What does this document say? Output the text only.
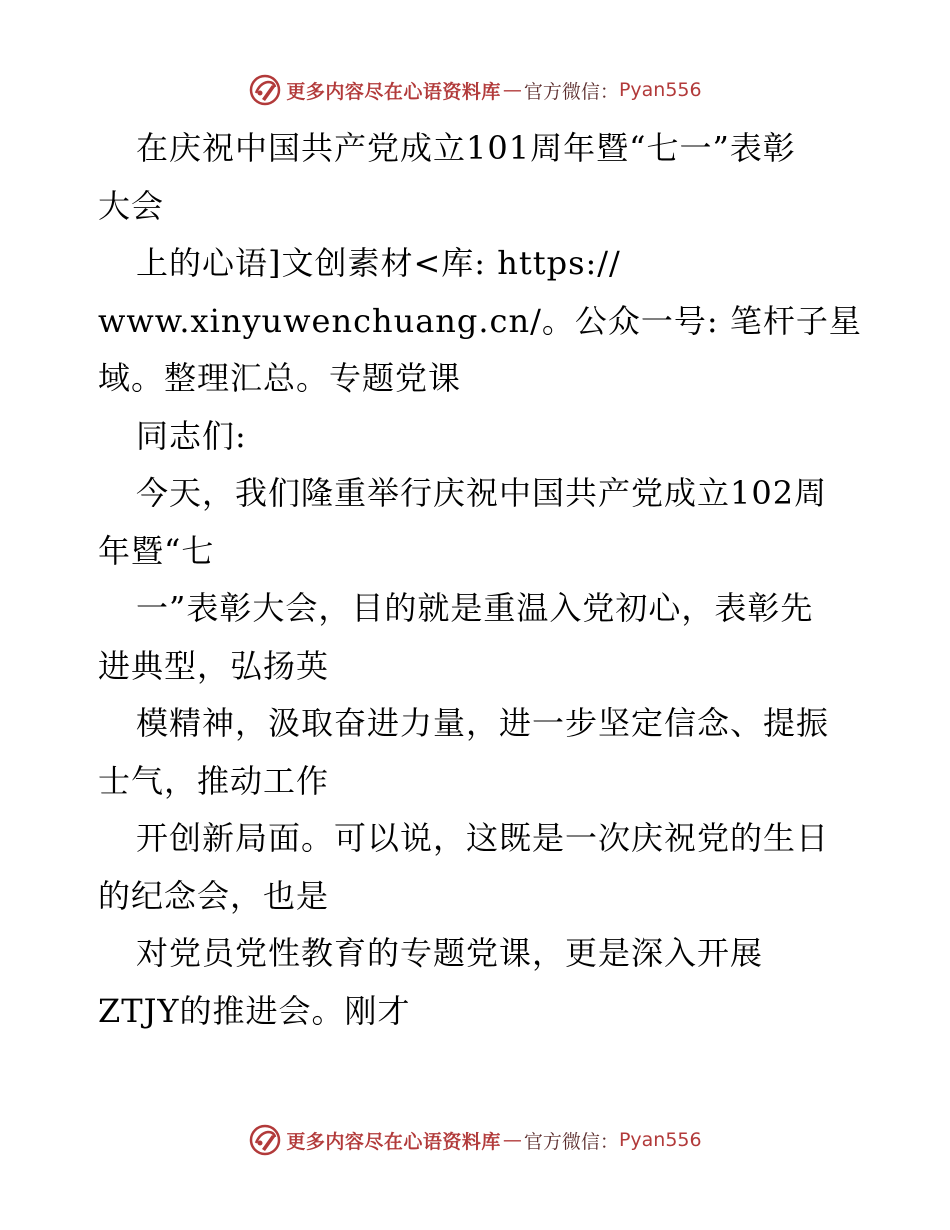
更多内容尽在心语资料库 — 官方微信： Pyan556
在庆祝中国共产党成立101周年暨“七一”表彰
大会
上的心语]文创素材<库: https://
www.xinyuwenchuang.cn/。公众一号: 笔杆子星
域。整理汇总。专题党课
同志们:
今天，我们隆重举行庆祝中国共产党成立102周
年暨“七
一”表彰大会，目的就是重温入党初心，表彰先
进典型，弘扬英
模精神，汲取奋进力量，进一步坚定信念、提振
士气，推动工作
开创新局面。可以说，这既是一次庆祝党的生日
的纪念会，也是
对党员党性教育的专题党课，更是深入开展
ZTJY的推进会。刚才
更多内容尽在心语资料库 — 官方微信： Pyan556
